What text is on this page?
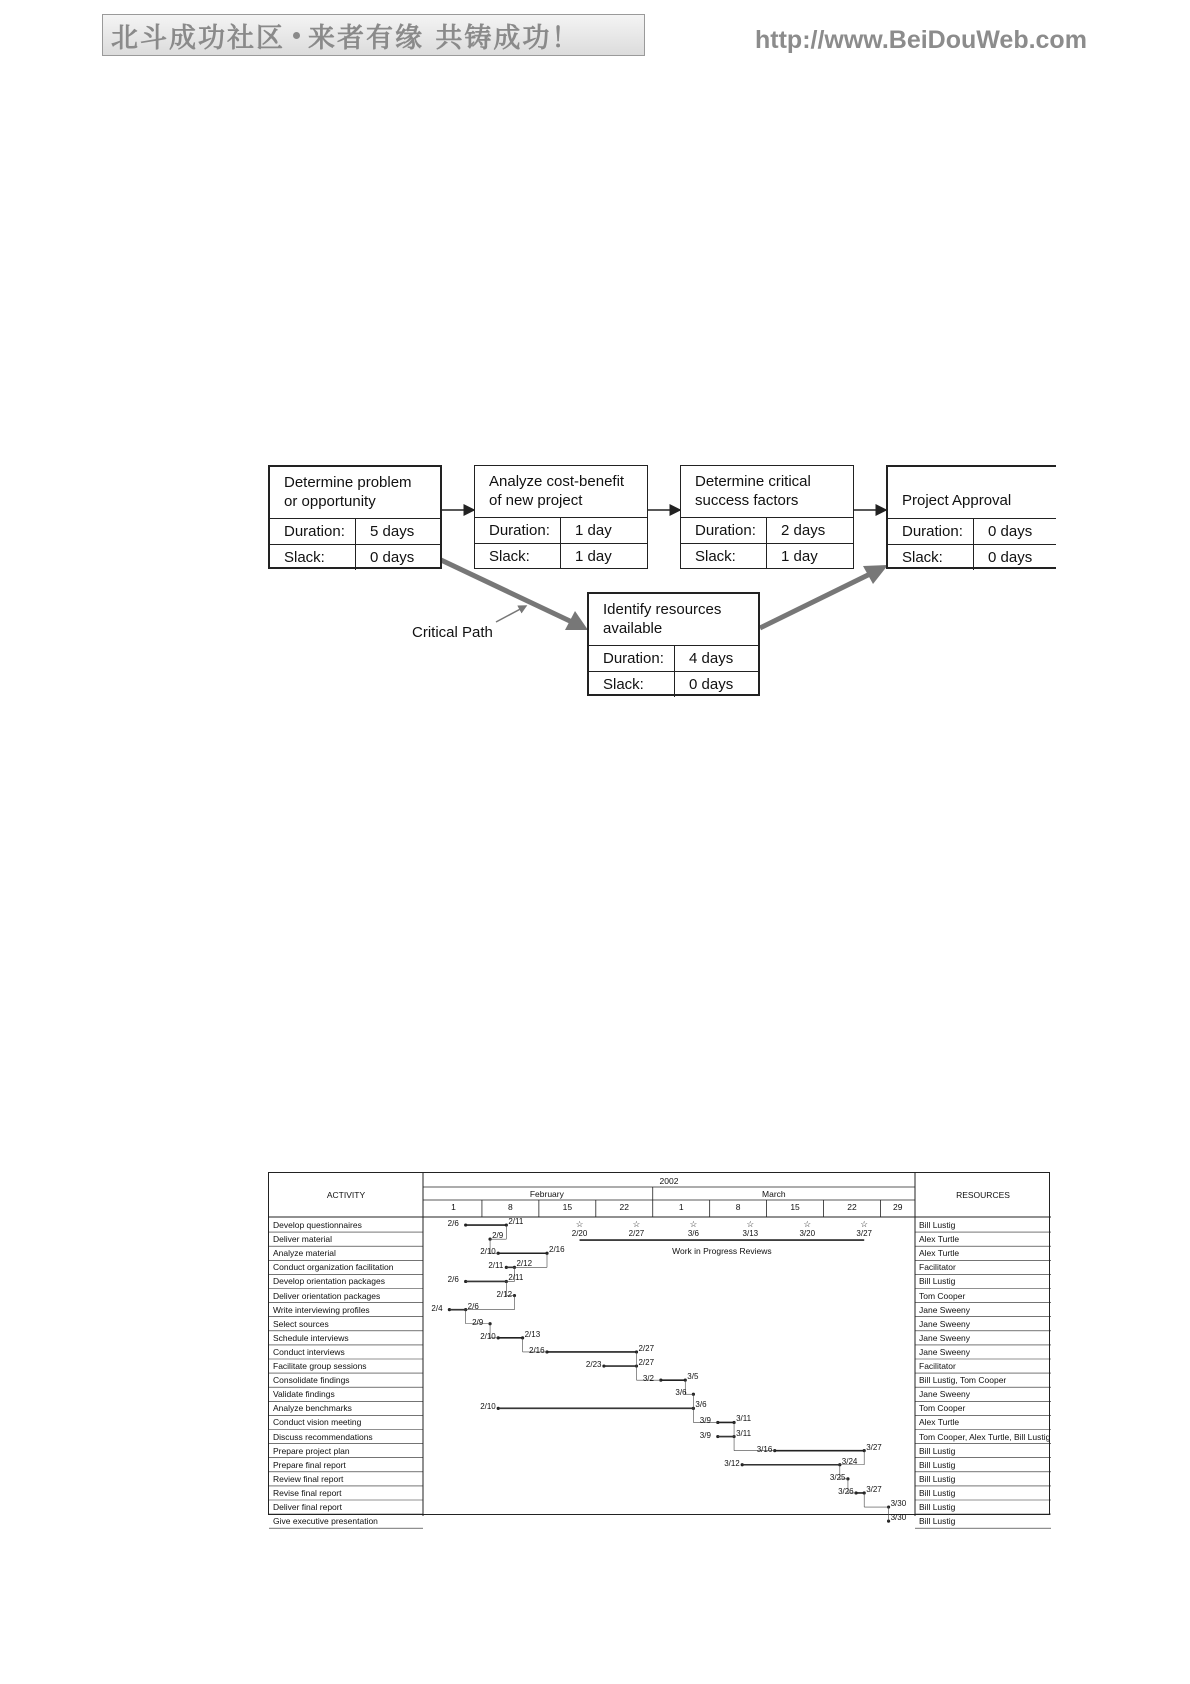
北斗成功社区 来者有缘 共铸成功！	http://www.BeiDouWeb.com
Determine problem
or opportunity
Duration:	5 days
Slack:	0 days
Analyze cost-benefit
of new project
Duration:	1 day
Slack:	1 day
Determine critical
success factors
Duration:	2 days
Slack:	1 day
Project Approval
Duration:	0 days
Slack:	0 days
Identify resources
available
Duration:	4 days
Slack:	0 days
Critical Path
ACTIVITY	RESOURCES
2002
February	March
1	8	15	22	1	8	15	22	29
Develop questionnaires	Bill Lustig
Deliver material	Alex Turtle
Analyze material	Alex Turtle
Conduct organization facilitation	Facilitator
Develop orientation packages	Bill Lustig
Deliver orientation packages	Tom Cooper
Write interviewing profiles	Jane Sweeny
Select sources	Jane Sweeny
Schedule interviews	Jane Sweeny
Conduct interviews	Jane Sweeny
Facilitate group sessions	Facilitator
Consolidate findings	Bill Lustig, Tom Cooper
Validate findings	Jane Sweeny
Analyze benchmarks	Tom Cooper
Conduct vision meeting	Alex Turtle
Discuss recommendations	Tom Cooper, Alex Turtle, Bill Lustig
Prepare project plan	Bill Lustig
Prepare final report	Bill Lustig
Review final report	Bill Lustig
Revise final report	Bill Lustig
Deliver final report	Bill Lustig
Give executive presentation	Bill Lustig
2/6	2/11
2/9
2/10	2/16
2/11 2/12
2/6	2/11
2/12
2/4	2/6
2/9
2/10	2/13
2/16	2/27
2/23	2/27
3/2	3/5
3/6
2/10	3/6
3/9	3/11
3/9	3/11
3/16	3/27
3/12	3/24
3/25
3/26 3/27
3/30
3/30
☆
2/20
☆
2/27
☆
3/6
☆
3/13
☆
3/20
☆
3/27
Work in Progress Reviews
